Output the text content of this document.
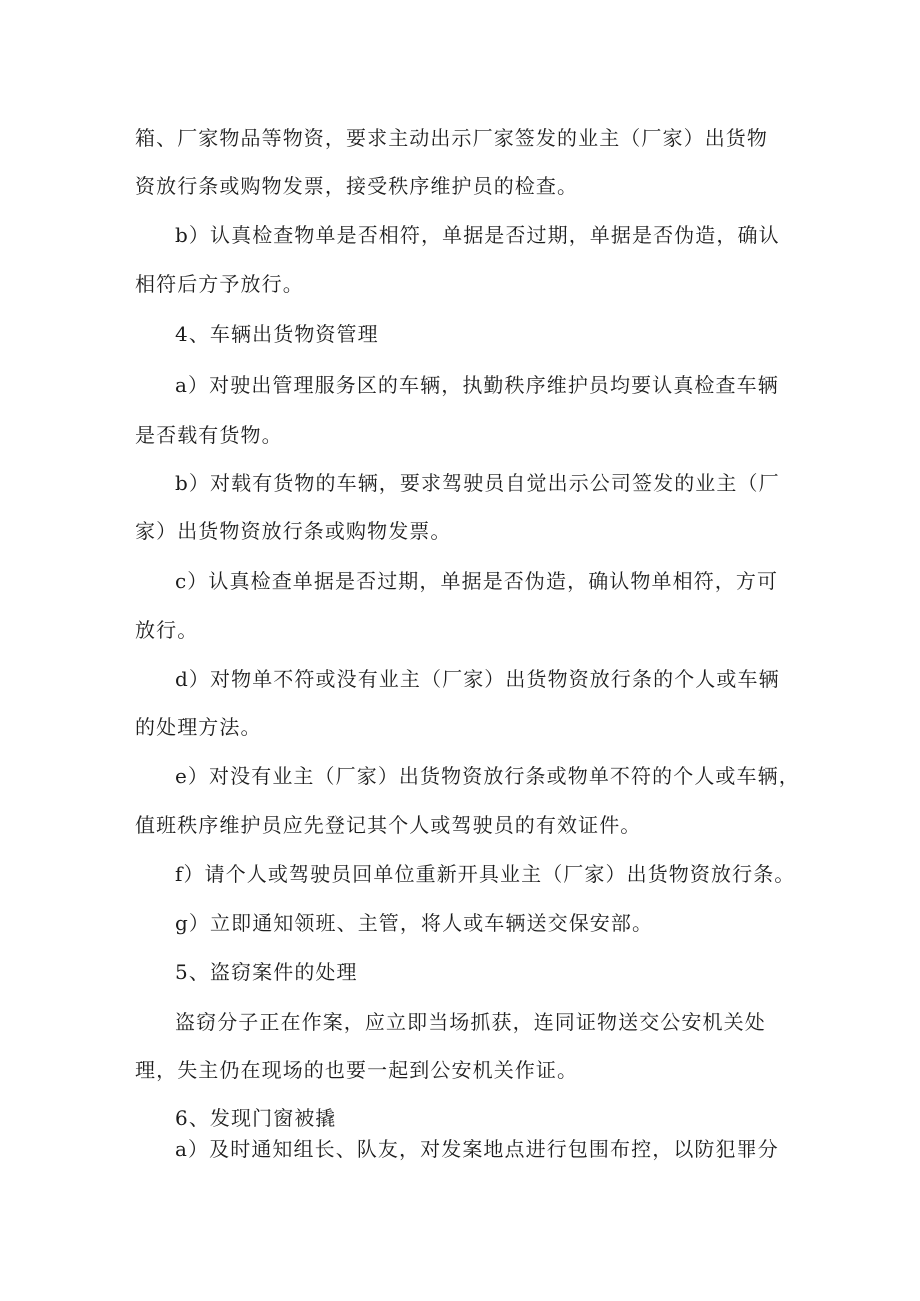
箱、厂家物品等物资，要求主动出示厂家签发的业主（厂家）出货物
资放行条或购物发票，接受秩序维护员的检查。
b）认真检查物单是否相符，单据是否过期，单据是否伪造，确认
相符后方予放行。
4、车辆出货物资管理
a）对驶出管理服务区的车辆，执勤秩序维护员均要认真检查车辆
是否载有货物。
b）对载有货物的车辆，要求驾驶员自觉出示公司签发的业主（厂
家）出货物资放行条或购物发票。
c）认真检查单据是否过期，单据是否伪造，确认物单相符，方可
放行。
d）对物单不符或没有业主（厂家）出货物资放行条的个人或车辆
的处理方法。
e）对没有业主（厂家）出货物资放行条或物单不符的个人或车辆，
值班秩序维护员应先登记其个人或驾驶员的有效证件。
f）请个人或驾驶员回单位重新开具业主（厂家）出货物资放行条。
g）立即通知领班、主管，将人或车辆送交保安部。
5、盗窃案件的处理
盗窃分子正在作案，应立即当场抓获，连同证物送交公安机关处
理，失主仍在现场的也要一起到公安机关作证。
6、发现门窗被撬
a）及时通知组长、队友，对发案地点进行包围布控，以防犯罪分
